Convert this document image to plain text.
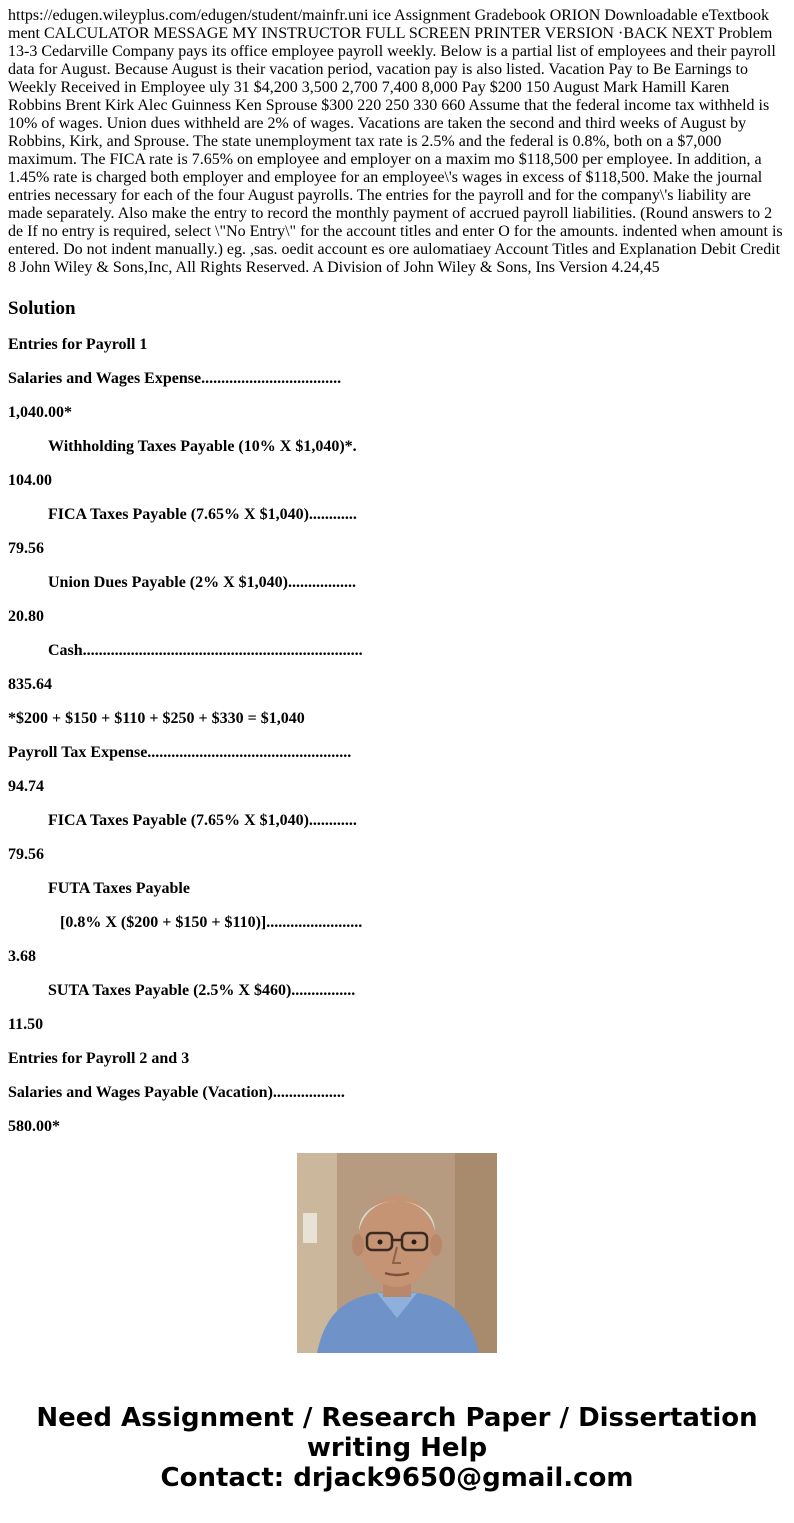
https://edugen.wileyplus.com/edugen/student/mainfr.uni ice Assignment Gradebook ORION Downloadable eTextbook ment CALCULATOR MESSAGE MY INSTRUCTOR FULL SCREEN PRINTER VERSION ·BACK NEXT Problem 13-3 Cedarville Company pays its office employee payroll weekly. Below is a partial list of employees and their payroll data for August. Because August is their vacation period, vacation pay is also listed. Vacation Pay to Be Earnings to Weekly Received in Employee uly 31 $4,200 3,500 2,700 7,400 8,000 Pay $200 150 August Mark Hamill Karen Robbins Brent Kirk Alec Guinness Ken Sprouse $300 220 250 330 660 Assume that the federal income tax withheld is 10% of wages. Union dues withheld are 2% of wages. Vacations are taken the second and third weeks of August by Robbins, Kirk, and Sprouse. The state unemployment tax rate is 2.5% and the federal is 0.8%, both on a $7,000 maximum. The FICA rate is 7.65% on employee and employer on a maxim mo $118,500 per employee. In addition, a 1.45% rate is charged both employer and employee for an employee\'s wages in excess of $118,500. Make the journal entries necessary for each of the four August payrolls. The entries for the payroll and for the company\'s liability are made separately. Also make the entry to record the monthly payment of accrued payroll liabilities. (Round answers to 2 de If no entry is required, select \"No Entry\" for the account titles and enter O for the amounts. indented when amount is entered. Do not indent manually.) eg. ,sas. oedit account es ore aulomatiaey Account Titles and Explanation Debit Credit 8 John Wiley & Sons,Inc, All Rights Reserved. A Division of John Wiley & Sons, Ins Version 4.24,45

Solution

Entries for Payroll 1

Salaries and Wages Expense...................................

1,040.00*

Withholding Taxes Payable (10% X $1,040)*.

104.00

FICA Taxes Payable (7.65% X $1,040)............

79.56

Union Dues Payable (2% X $1,040).................

20.80

Cash......................................................................

835.64

*$200 + $150 + $110 + $250 + $330 = $1,040

Payroll Tax Expense...................................................

94.74

FICA Taxes Payable (7.65% X $1,040)............

79.56

FUTA Taxes Payable

[0.8% X ($200 + $150 + $110)]........................

3.68

SUTA Taxes Payable (2.5% X $460)................

11.50

Entries for Payroll 2 and 3

Salaries and Wages Payable (Vacation)..................

580.00*

Need Assignment / Research Paper / Dissertation

writing Help

Contact: drjack9650@gmail.com
